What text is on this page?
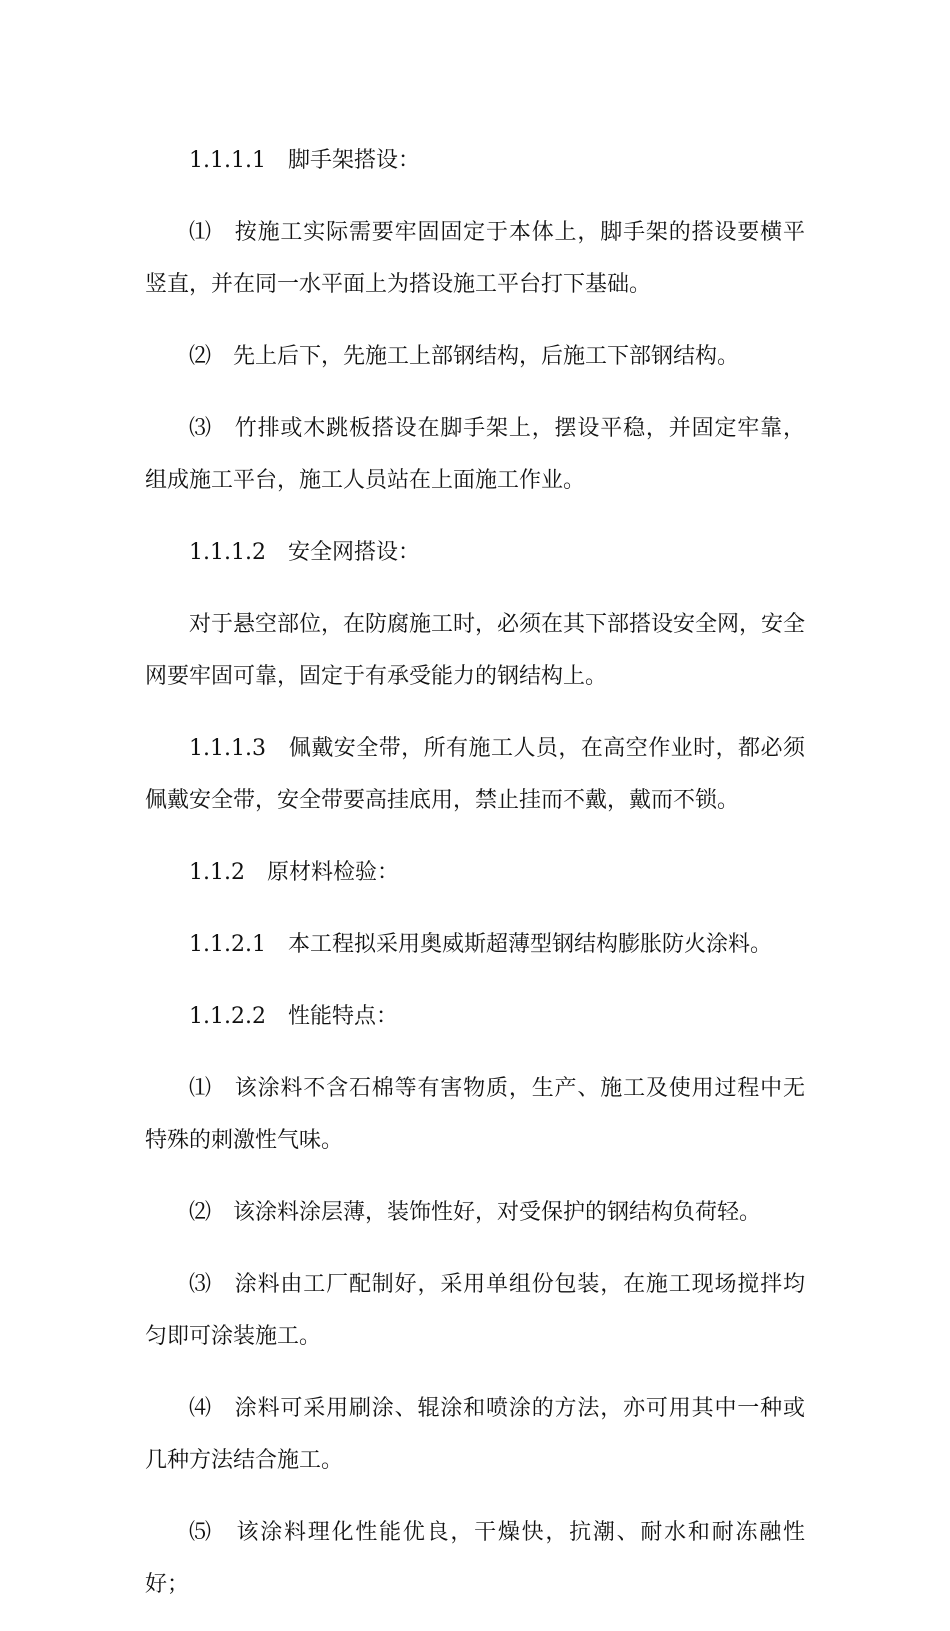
1.1.1.1　 脚手架搭设：

⑴　 按施工实际需要牢固固定于本体上，脚手架的搭设要横平竖直，并在同一水平面上为搭设施工平台打下基础。

⑵　 先上后下，先施工上部钢结构，后施工下部钢结构。

⑶　 竹排或木跳板搭设在脚手架上，摆设平稳，并固定牢靠，组成施工平台，施工人员站在上面施工作业。

1.1.1.2　 安全网搭设：

对于悬空部位，在防腐施工时，必须在其下部搭设安全网，安全网要牢固可靠，固定于有承受能力的钢结构上。

1.1.1.3　 佩戴安全带，所有施工人员，在高空作业时，都必须佩戴安全带，安全带要高挂底用，禁止挂而不戴，戴而不锁。

1.1.2　 原材料检验：

1.1.2.1　 本工程拟采用奥威斯超薄型钢结构膨胀防火涂料。

1.1.2.2　 性能特点：

⑴　 该涂料不含石棉等有害物质，生产、施工及使用过程中无特殊的刺激性气味。

⑵　 该涂料涂层薄，装饰性好，对受保护的钢结构负荷轻。

⑶　 涂料由工厂配制好，采用单组份包装，在施工现场搅拌均匀即可涂装施工。

⑷　 涂料可采用刷涂、辊涂和喷涂的方法，亦可用其中一种或几种方法结合施工。

⑸　 该涂料理化性能优良，干燥快，抗潮、耐水和耐冻融性好；
